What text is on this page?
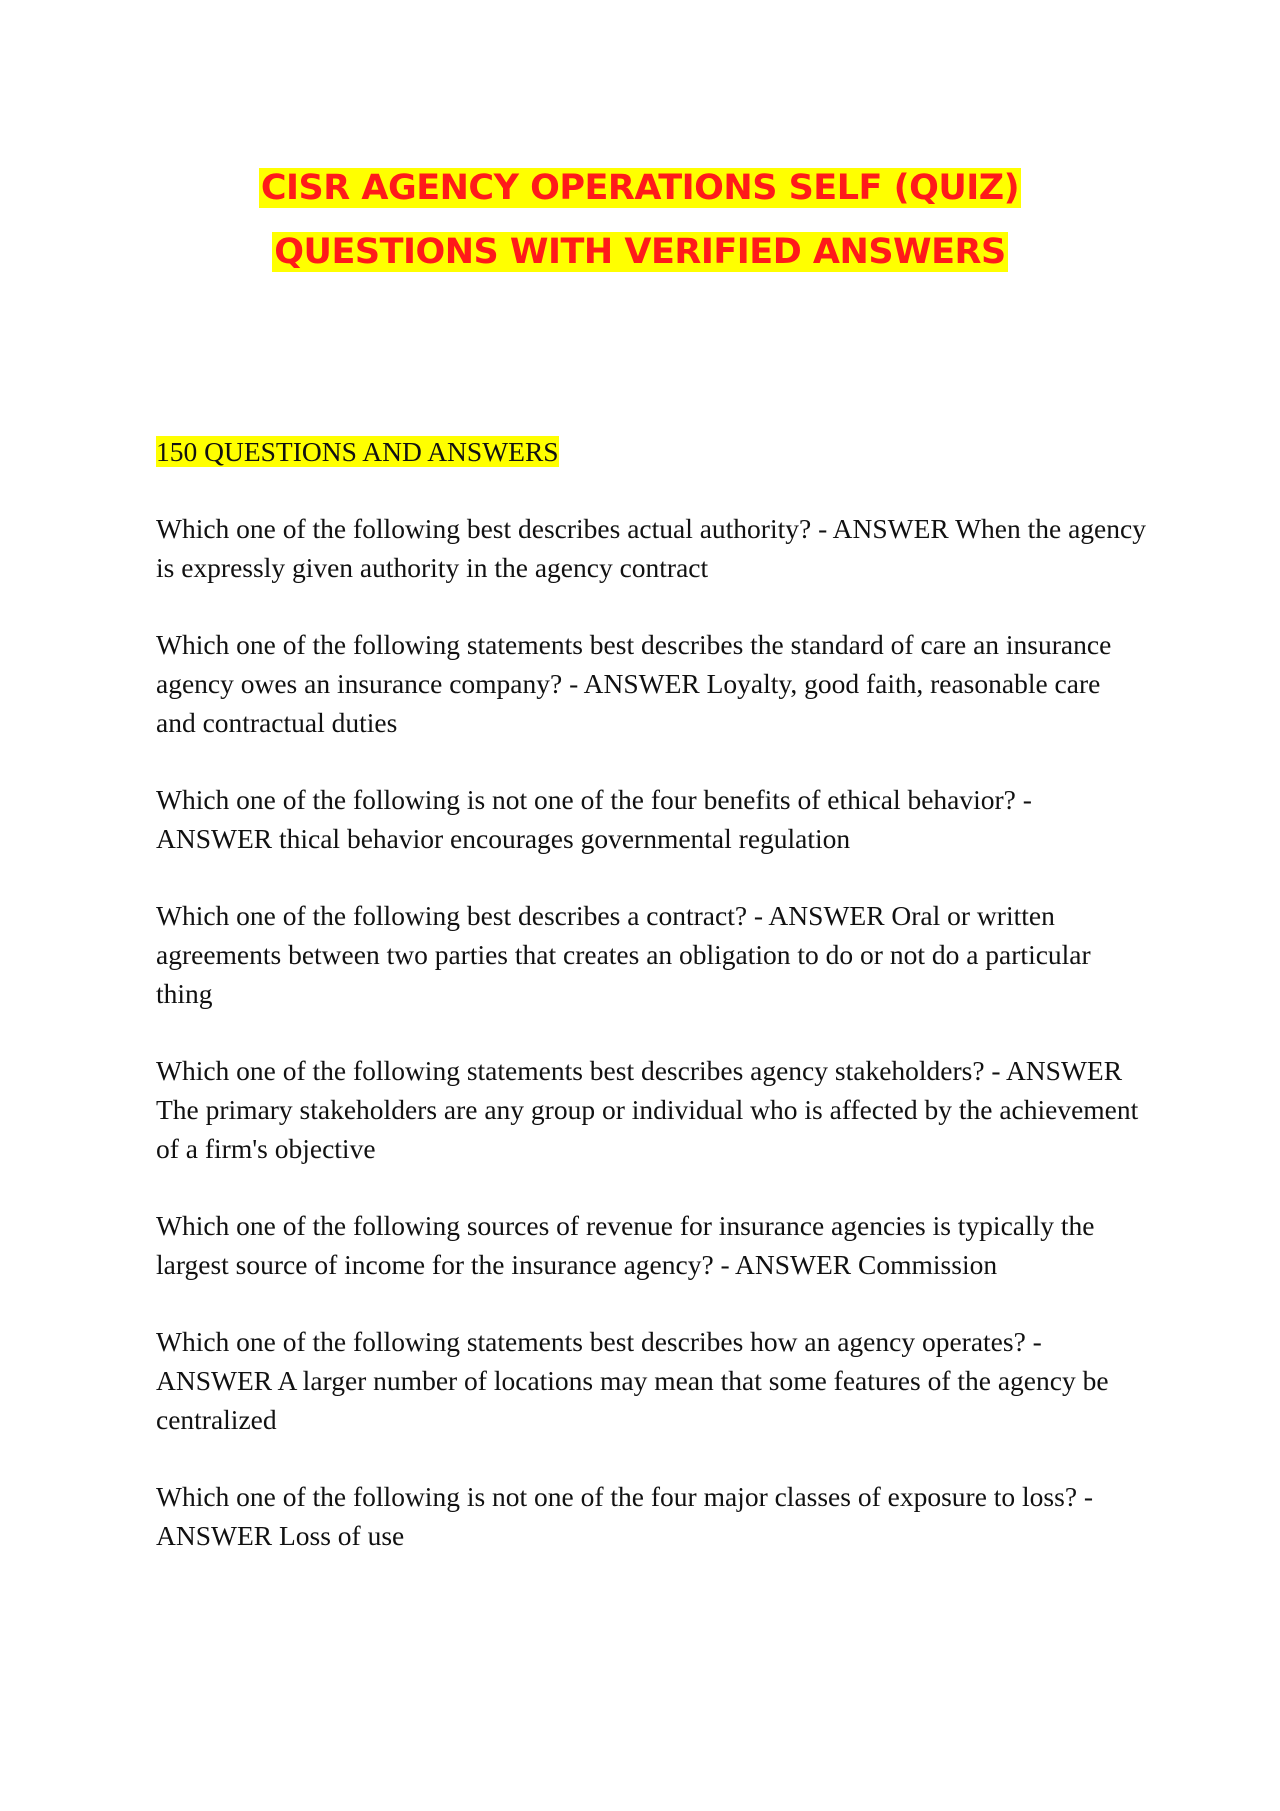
CISR AGENCY OPERATIONS SELF (QUIZ)
QUESTIONS WITH VERIFIED ANSWERS
150 QUESTIONS AND ANSWERS

Which one of the following best describes actual authority? - ANSWER When the agency is expressly given authority in the agency contract

Which one of the following statements best describes the standard of care an insurance agency owes an insurance company? - ANSWER Loyalty, good faith, reasonable care and contractual duties

Which one of the following is not one of the four benefits of ethical behavior? - ANSWER thical behavior encourages governmental regulation

Which one of the following best describes a contract? - ANSWER Oral or written agreements between two parties that creates an obligation to do or not do a particular thing

Which one of the following statements best describes agency stakeholders? - ANSWER The primary stakeholders are any group or individual who is affected by the achievement of a firm's objective

Which one of the following sources of revenue for insurance agencies is typically the largest source of income for the insurance agency? - ANSWER Commission

Which one of the following statements best describes how an agency operates? - ANSWER A larger number of locations may mean that some features of the agency be centralized

Which one of the following is not one of the four major classes of exposure to loss? - ANSWER Loss of use
